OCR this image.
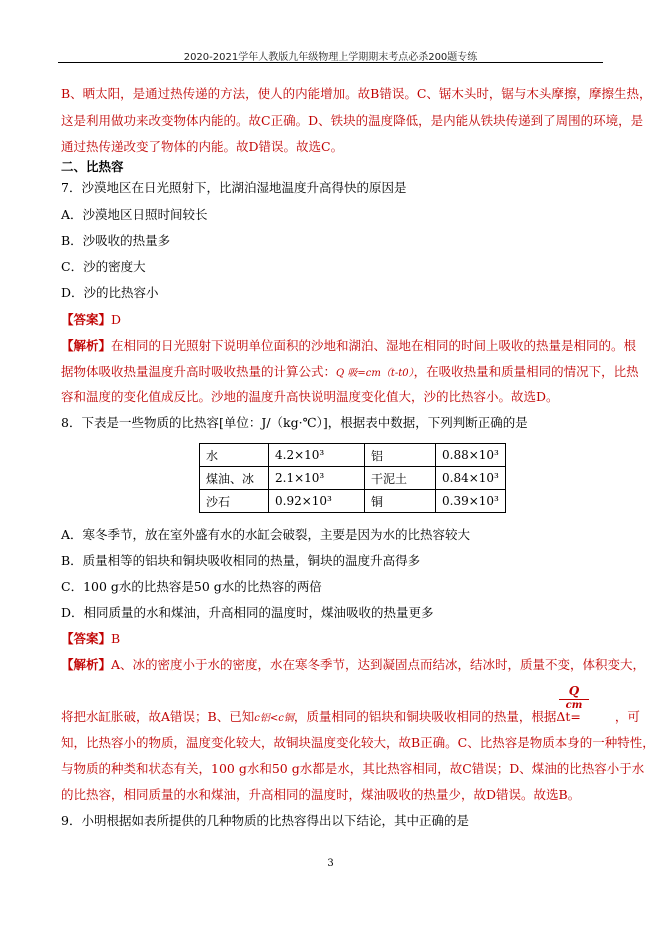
2020-2021学年人教版九年级物理上学期期末考点必杀200题专练
B、晒太阳，是通过热传递的方法，使人的内能增加。故B错误。C、锯木头时，锯与木头摩擦，摩擦生热，
这是利用做功来改变物体内能的。故C正确。D、铁块的温度降低，是内能从铁块传递到了周围的环境，是
通过热传递改变了物体的内能。故D错误。故选C。
二、比热容
7．沙漠地区在日光照射下，比湖泊湿地温度升高得快的原因是
A．沙漠地区日照时间较长
B．沙吸收的热量多
C．沙的密度大
D．沙的比热容小
【答案】D
【解析】在相同的日光照射下说明单位面积的沙地和湖泊、湿地在相同的时间上吸收的热量是相同的。根
据物体吸收热量温度升高时吸收热量的计算公式：Q 吸=cm（t-t0），在吸收热量和质量相同的情况下，比热
容和温度的变化值成反比。沙地的温度升高快说明温度变化值大，沙的比热容小。故选D。
8．下表是一些物质的比热容[单位：J/（kg·℃）]，根据表中数据，下列判断正确的是
水	4.2×10³	铝	0.88×10³
煤油、冰	2.1×10³	干泥土	0.84×10³
沙石	0.92×10³	铜	0.39×10³
A．寒冬季节，放在室外盛有水的水缸会破裂，主要是因为水的比热容较大
B．质量相等的铝块和铜块吸收相同的热量，铜块的温度升高得多
C．100 g水的比热容是50 g水的比热容的两倍
D．相同质量的水和煤油，升高相同的温度时，煤油吸收的热量更多
【答案】B
【解析】A、冰的密度小于水的密度，水在寒冬季节，达到凝固点而结冰，结冰时，质量不变，体积变大，
Q
cm
将把水缸胀破，故A错误；B、已知c铝<c铜，质量相同的铝块和铜块吸收相同的热量，根据Δt=	，可
知，比热容小的物质，温度变化较大，故铜块温度变化较大，故B正确。C、比热容是物质本身的一种特性，
与物质的种类和状态有关，100 g水和50 g水都是水，其比热容相同，故C错误；D、煤油的比热容小于水
的比热容，相同质量的水和煤油，升高相同的温度时，煤油吸收的热量少，故D错误。故选B。
9．小明根据如表所提供的几种物质的比热容得出以下结论，其中正确的是
3
